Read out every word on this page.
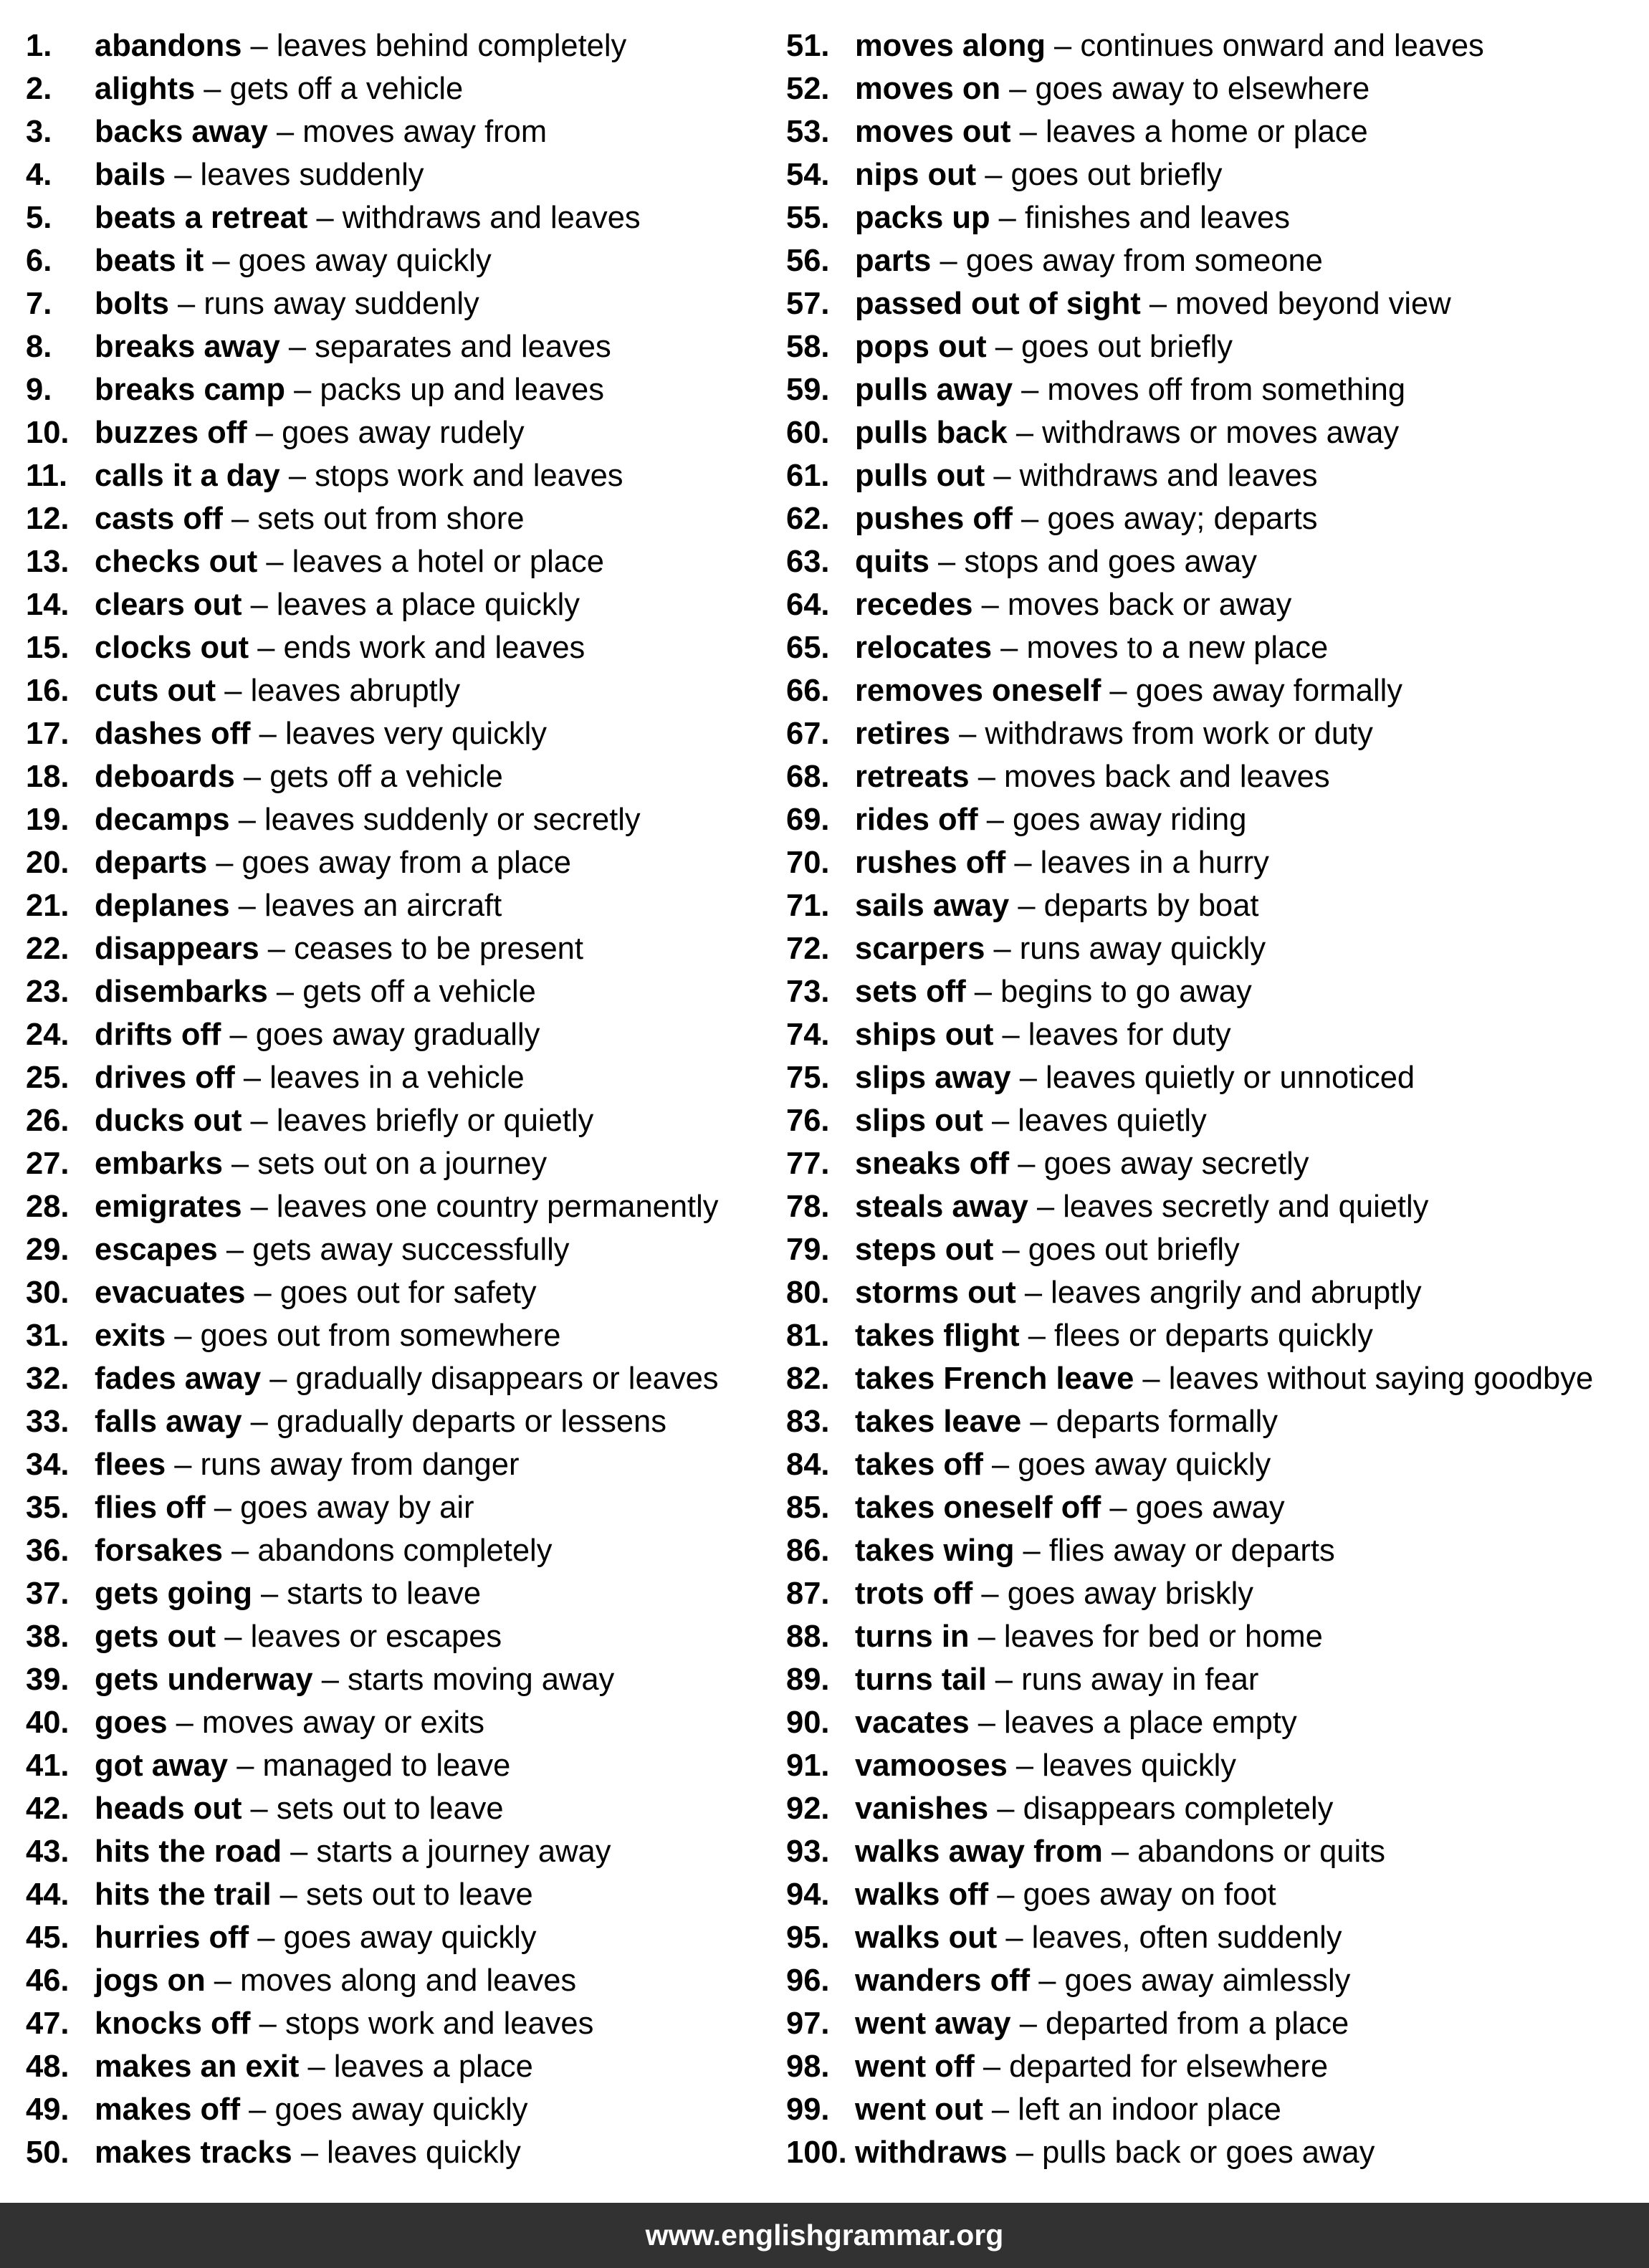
1. abandons – leaves behind completely
2. alights – gets off a vehicle
3. backs away – moves away from
4. bails – leaves suddenly
5. beats a retreat – withdraws and leaves
6. beats it – goes away quickly
7. bolts – runs away suddenly
8. breaks away – separates and leaves
9. breaks camp – packs up and leaves
10. buzzes off – goes away rudely
11. calls it a day – stops work and leaves
12. casts off – sets out from shore
13. checks out – leaves a hotel or place
14. clears out – leaves a place quickly
15. clocks out – ends work and leaves
16. cuts out – leaves abruptly
17. dashes off – leaves very quickly
18. deboards – gets off a vehicle
19. decamps – leaves suddenly or secretly
20. departs – goes away from a place
21. deplanes – leaves an aircraft
22. disappears – ceases to be present
23. disembarks – gets off a vehicle
24. drifts off – goes away gradually
25. drives off – leaves in a vehicle
26. ducks out – leaves briefly or quietly
27. embarks – sets out on a journey
28. emigrates – leaves one country permanently
29. escapes – gets away successfully
30. evacuates – goes out for safety
31. exits – goes out from somewhere
32. fades away – gradually disappears or leaves
33. falls away – gradually departs or lessens
34. flees – runs away from danger
35. flies off – goes away by air
36. forsakes – abandons completely
37. gets going – starts to leave
38. gets out – leaves or escapes
39. gets underway – starts moving away
40. goes – moves away or exits
41. got away – managed to leave
42. heads out – sets out to leave
43. hits the road – starts a journey away
44. hits the trail – sets out to leave
45. hurries off – goes away quickly
46. jogs on – moves along and leaves
47. knocks off – stops work and leaves
48. makes an exit – leaves a place
49. makes off – goes away quickly
50. makes tracks – leaves quickly
51. moves along – continues onward and leaves
52. moves on – goes away to elsewhere
53. moves out – leaves a home or place
54. nips out – goes out briefly
55. packs up – finishes and leaves
56. parts – goes away from someone
57. passed out of sight – moved beyond view
58. pops out – goes out briefly
59. pulls away – moves off from something
60. pulls back – withdraws or moves away
61. pulls out – withdraws and leaves
62. pushes off – goes away; departs
63. quits – stops and goes away
64. recedes – moves back or away
65. relocates – moves to a new place
66. removes oneself – goes away formally
67. retires – withdraws from work or duty
68. retreats – moves back and leaves
69. rides off – goes away riding
70. rushes off – leaves in a hurry
71. sails away – departs by boat
72. scarpers – runs away quickly
73. sets off – begins to go away
74. ships out – leaves for duty
75. slips away – leaves quietly or unnoticed
76. slips out – leaves quietly
77. sneaks off – goes away secretly
78. steals away – leaves secretly and quietly
79. steps out – goes out briefly
80. storms out – leaves angrily and abruptly
81. takes flight – flees or departs quickly
82. takes French leave – leaves without saying goodbye
83. takes leave – departs formally
84. takes off – goes away quickly
85. takes oneself off – goes away
86. takes wing – flies away or departs
87. trots off – goes away briskly
88. turns in – leaves for bed or home
89. turns tail – runs away in fear
90. vacates – leaves a place empty
91. vamooses – leaves quickly
92. vanishes – disappears completely
93. walks away from – abandons or quits
94. walks off – goes away on foot
95. walks out – leaves, often suddenly
96. wanders off – goes away aimlessly
97. went away – departed from a place
98. went off – departed for elsewhere
99. went out – left an indoor place
100. withdraws – pulls back or goes away
www.englishgrammar.org
